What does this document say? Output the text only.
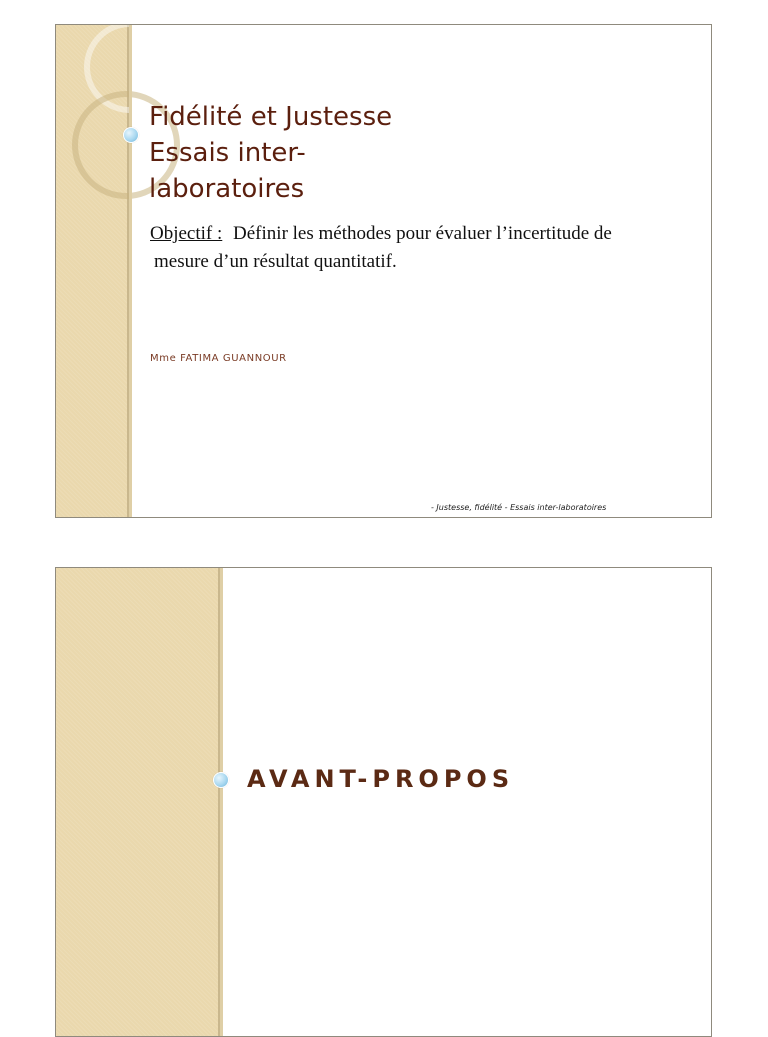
Fidélité et Justesse
Essais inter-
laboratoires
Objectif : Définir les méthodes pour évaluer l’incertitude de
mesure d’un résultat quantitatif.
Mme FATIMA GUANNOUR
- Justesse, fidélité - Essais inter-laboratoires
AVANT-PROPOS
